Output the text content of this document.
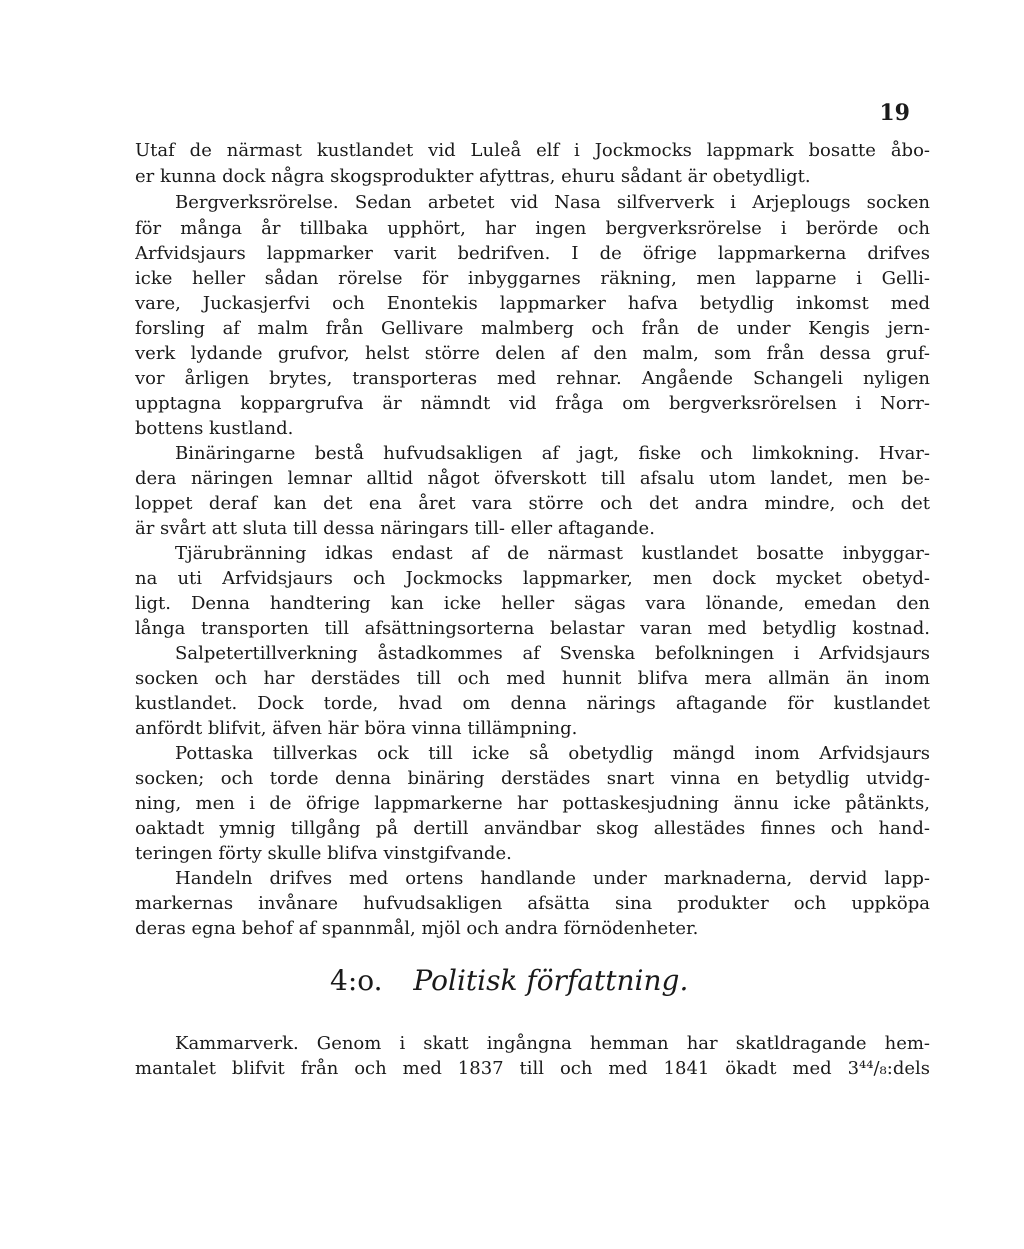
19
Utaf de närmast kustlandet vid Luleå elf i Jockmocks lappmark bosatte åbo-
er kunna dock några skogsprodukter afyttras, ehuru sådant är obetydligt.
Bergverksrörelse. Sedan arbetet vid Nasa silfververk i Arjeplougs socken
för många år tillbaka upphört, har ingen bergverksrörelse i berörde och
Arfvidsjaurs lappmarker varit bedrifven. I de öfrige lappmarkerna drifves
icke heller sådan rörelse för inbyggarnes räkning, men lapparne i Gelli-
vare, Juckasjerfvi och Enontekis lappmarker hafva betydlig inkomst med
forsling af malm från Gellivare malmberg och från de under Kengis jern-
verk lydande grufvor, helst större delen af den malm, som från dessa gruf-
vor årligen brytes, transporteras med rehnar. Angående Schangeli nyligen
upptagna koppargrufva är nämndt vid fråga om bergverksrörelsen i Norr-
bottens kustland.
Binäringarne bestå hufvudsakligen af jagt, fiske och limkokning. Hvar-
dera näringen lemnar alltid något öfverskott till afsalu utom landet, men be-
loppet deraf kan det ena året vara större och det andra mindre, och det
är svårt att sluta till dessa näringars till- eller aftagande.
Tjärubränning idkas endast af de närmast kustlandet bosatte inbyggar-
na uti Arfvidsjaurs och Jockmocks lappmarker, men dock mycket obetyd-
ligt. Denna handtering kan icke heller sägas vara lönande, emedan den
långa transporten till afsättningsorterna belastar varan med betydlig kostnad.
Salpetertillverkning åstadkommes af Svenska befolkningen i Arfvidsjaurs
socken och har derstädes till och med hunnit blifva mera allmän än inom
kustlandet. Dock torde, hvad om denna närings aftagande för kustlandet
anfördt blifvit, äfven här böra vinna tillämpning.
Pottaska tillverkas ock till icke så obetydlig mängd inom Arfvidsjaurs
socken; och torde denna binäring derstädes snart vinna en betydlig utvidg-
ning, men i de öfrige lappmarkerne har pottaskesjudning ännu icke påtänkts,
oaktadt ymnig tillgång på dertill användbar skog allestädes finnes och hand-
teringen förty skulle blifva vinstgifvande.
Handeln drifves med ortens handlande under marknaderna, dervid lapp-
markernas invånare hufvudsakligen afsätta sina produkter och uppköpa
deras egna behof af spannmål, mjöl och andra förnödenheter.
4:o. Politisk författning.
Kammarverk. Genom i skatt ingångna hemman har skatldragande hem-
mantalet blifvit från och med 1837 till och med 1841 ökadt med 3⁴⁴/₈:dels
